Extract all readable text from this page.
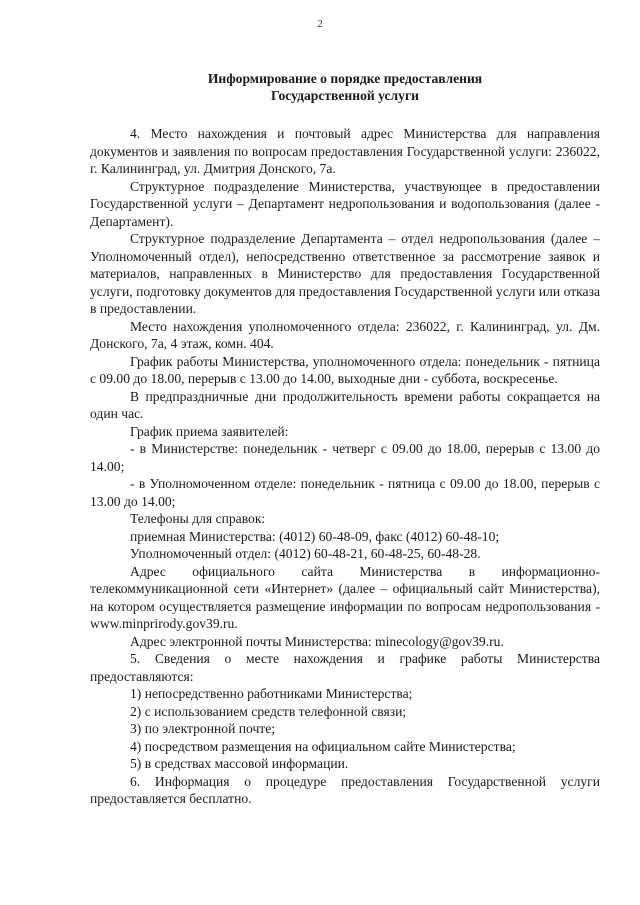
2
Информирование о порядке предоставления
Государственной услуги

4. Место нахождения и почтовый адрес Министерства для направления документов и заявления по вопросам предоставления Государственной услуги: 236022, г. Калининград, ул. Дмитрия Донского, 7а.

Структурное подразделение Министерства, участвующее в предоставлении Государственной услуги – Департамент недропользования и водопользования (далее - Департамент).

Структурное подразделение Департамента – отдел недропользования (далее – Уполномоченный отдел), непосредственно ответственное за рассмотрение заявок и материалов, направленных в Министерство для предоставления Государственной услуги, подготовку документов для предоставления Государственной услуги или отказа в предоставлении.

Место нахождения уполномоченного отдела: 236022, г. Калининград, ул. Дм. Донского, 7а, 4 этаж, комн. 404.

График работы Министерства, уполномоченного отдела: понедельник - пятница с 09.00 до 18.00, перерыв с 13.00 до 14.00, выходные дни - суббота, воскресенье.

В предпраздничные дни продолжительность времени работы сокращается на один час.

График приема заявителей:

- в Министерстве: понедельник - четверг с 09.00 до 18.00, перерыв с 13.00 до 14.00;

- в Уполномоченном отделе: понедельник - пятница с 09.00 до 18.00, перерыв с 13.00 до 14.00;

Телефоны для справок:

приемная Министерства: (4012) 60-48-09, факс (4012) 60-48-10;

Уполномоченный отдел: (4012) 60-48-21, 60-48-25, 60-48-28.

Адрес официального сайта Министерства в информационно-телекоммуникационной сети «Интернет» (далее – официальный сайт Министерства), на котором осуществляется размещение информации по вопросам недропользования - www.minprirody.gov39.ru.

Адрес электронной почты Министерства: minecology@gov39.ru.

5. Сведения о месте нахождения и графике работы Министерства предоставляются:

1) непосредственно работниками Министерства;

2) с использованием средств телефонной связи;

3) по электронной почте;

4) посредством размещения на официальном сайте Министерства;

5) в средствах массовой информации.

6. Информация о процедуре предоставления Государственной услуги предоставляется бесплатно.
